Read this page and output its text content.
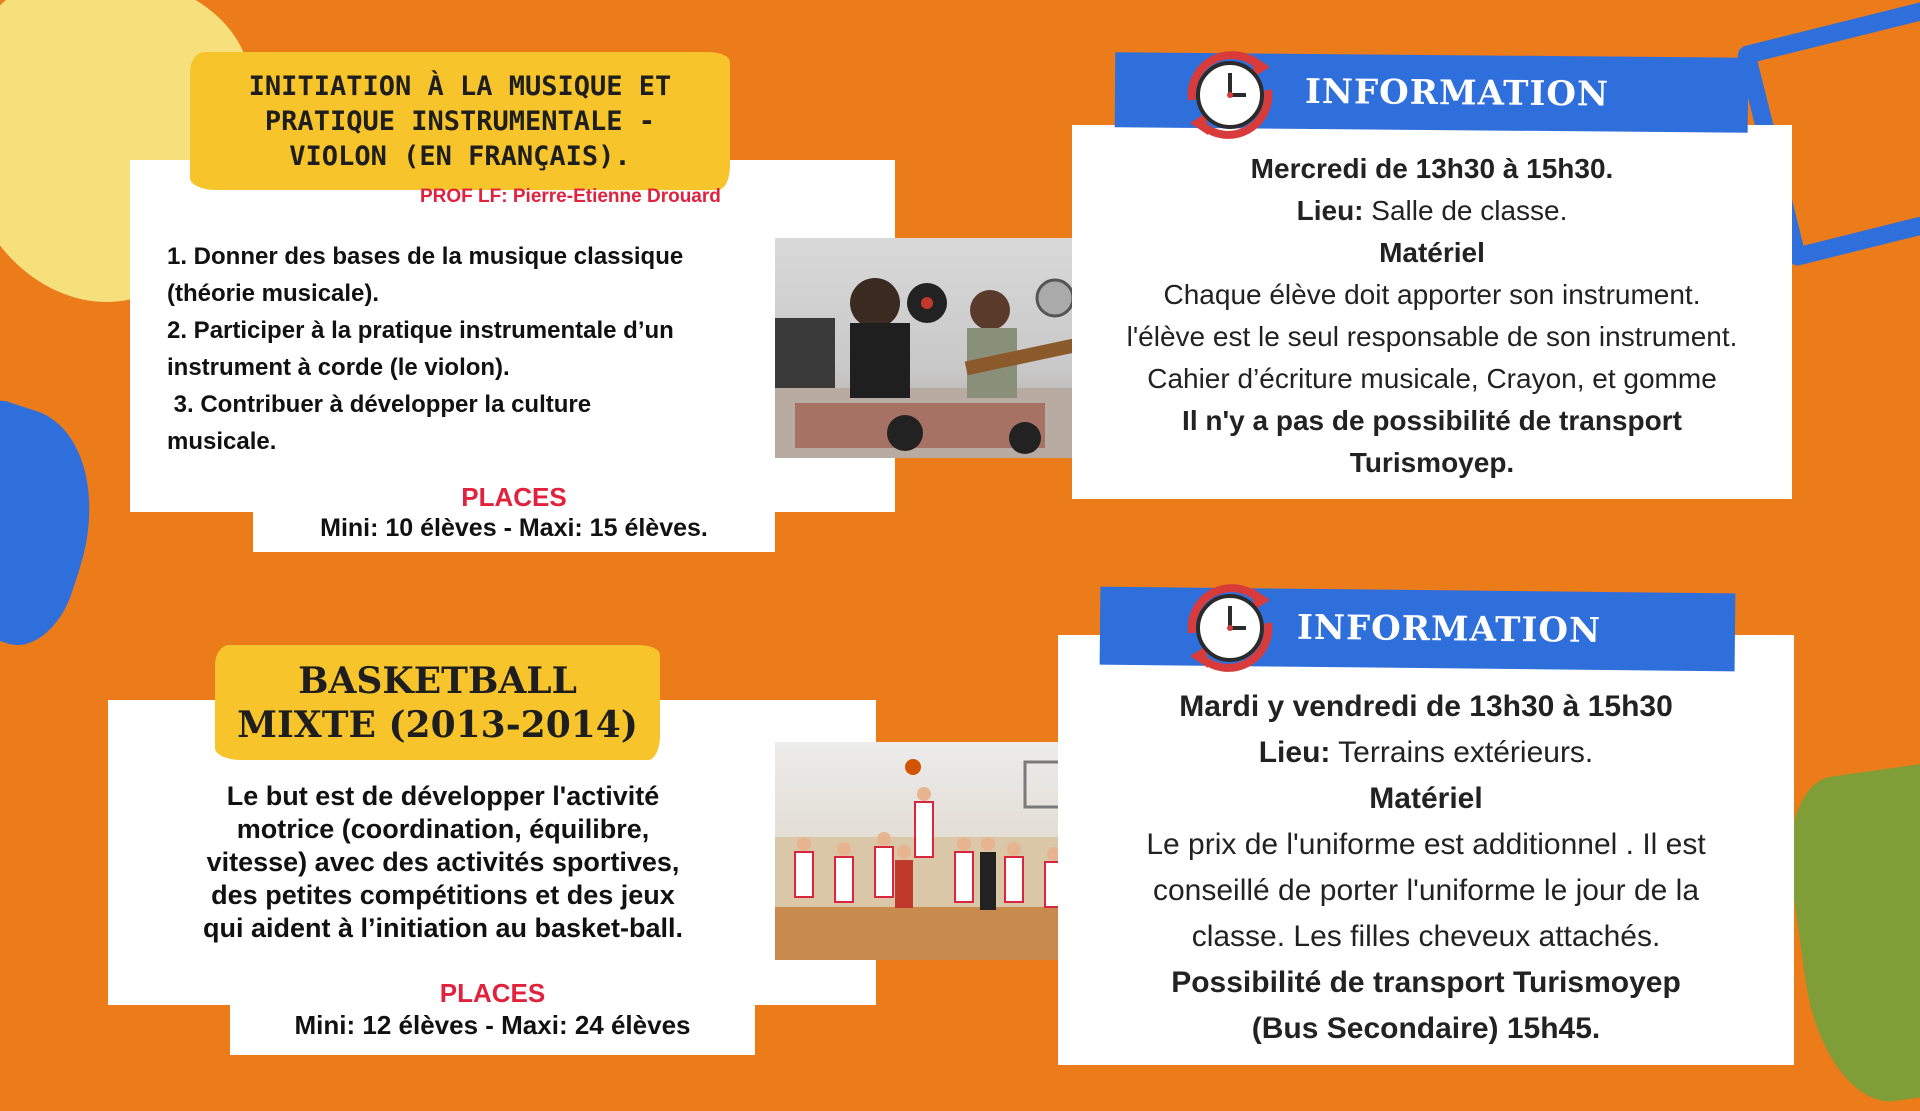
INITIATION À LA MUSIQUE ET
PRATIQUE INSTRUMENTALE -
VIOLON (EN FRANÇAIS).
PROF LF: Pierre-Etienne Drouard
1. Donner des bases de la musique classique
(théorie musicale).
2. Participer à la pratique instrumentale d’un
instrument à corde (le violon).
3. Contribuer à développer la culture
musicale.
PLACES
Mini: 10 élèves - Maxi: 15 élèves.
INFORMATION
Mercredi de 13h30 à 15h30.
Lieu: Salle de classe.
Matériel
Chaque élève doit apporter son instrument.
l'élève est le seul responsable de son instrument.
Cahier d’écriture musicale, Crayon, et gomme
Il n'y a pas de possibilité de transport
Turismoyep.
BASKETBALL
MIXTE (2013-2014)
Le but est de développer l'activité
motrice (coordination, équilibre,
vitesse) avec des activités sportives,
des petites compétitions et des jeux
qui aident à l’initiation au basket-ball.
PLACES
Mini: 12 élèves - Maxi: 24 élèves
INFORMATION
Mardi y vendredi de 13h30 à 15h30
Lieu: Terrains extérieurs.
Matériel
Le prix de l'uniforme est additionnel . Il est
conseillé de porter l'uniforme le jour de la
classe. Les filles cheveux attachés.
Possibilité de transport Turismoyep
(Bus Secondaire) 15h45.
